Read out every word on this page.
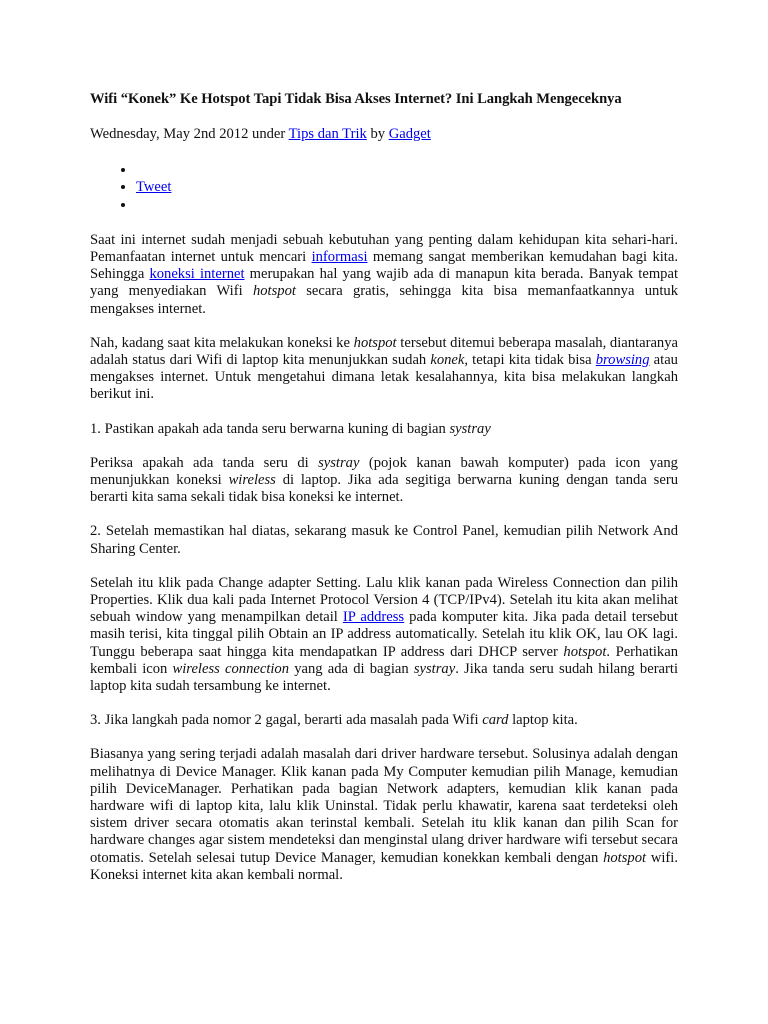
Wifi “Konek” Ke Hotspot Tapi Tidak Bisa Akses Internet? Ini Langkah Mengeceknya
Wednesday, May 2nd 2012 under Tips dan Trik by Gadget
•
• Tweet
•

Saat ini internet sudah menjadi sebuah kebutuhan yang penting dalam kehidupan kita sehari-hari. Pemanfaatan internet untuk mencari informasi memang sangat memberikan kemudahan bagi kita. Sehingga koneksi internet merupakan hal yang wajib ada di manapun kita berada. Banyak tempat yang menyediakan Wifi hotspot secara gratis, sehingga kita bisa memanfaatkannya untuk mengakses internet.

Nah, kadang saat kita melakukan koneksi ke hotspot tersebut ditemui beberapa masalah, diantaranya adalah status dari Wifi di laptop kita menunjukkan sudah konek, tetapi kita tidak bisa browsing atau mengakses internet. Untuk mengetahui dimana letak kesalahannya, kita bisa melakukan langkah berikut ini.

1. Pastikan apakah ada tanda seru berwarna kuning di bagian systray

Periksa apakah ada tanda seru di systray (pojok kanan bawah komputer) pada icon yang menunjukkan koneksi wireless di laptop. Jika ada segitiga berwarna kuning dengan tanda seru berarti kita sama sekali tidak bisa koneksi ke internet.

2. Setelah memastikan hal diatas, sekarang masuk ke Control Panel, kemudian pilih Network And Sharing Center.

Setelah itu klik pada Change adapter Setting. Lalu klik kanan pada Wireless Connection dan pilih Properties. Klik dua kali pada Internet Protocol Version 4 (TCP/IPv4). Setelah itu kita akan melihat sebuah window yang menampilkan detail IP address pada komputer kita. Jika pada detail tersebut masih terisi, kita tinggal pilih Obtain an IP address automatically. Setelah itu klik OK, lau OK lagi. Tunggu beberapa saat hingga kita mendapatkan IP address dari DHCP server hotspot. Perhatikan kembali icon wireless connection yang ada di bagian systray. Jika tanda seru sudah hilang berarti laptop kita sudah tersambung ke internet.

3. Jika langkah pada nomor 2 gagal, berarti ada masalah pada Wifi card laptop kita.

Biasanya yang sering terjadi adalah masalah dari driver hardware tersebut. Solusinya adalah dengan melihatnya di Device Manager. Klik kanan pada My Computer kemudian pilih Manage, kemudian pilih DeviceManager. Perhatikan pada bagian Network adapters, kemudian klik kanan pada hardware wifi di laptop kita, lalu klik Uninstal. Tidak perlu khawatir, karena saat terdeteksi oleh sistem driver secara otomatis akan terinstal kembali. Setelah itu klik kanan dan pilih Scan for hardware changes agar sistem mendeteksi dan menginstal ulang driver hardware wifi tersebut secara otomatis. Setelah selesai tutup Device Manager, kemudian konekkan kembali dengan hotspot wifi. Koneksi internet kita akan kembali normal.
